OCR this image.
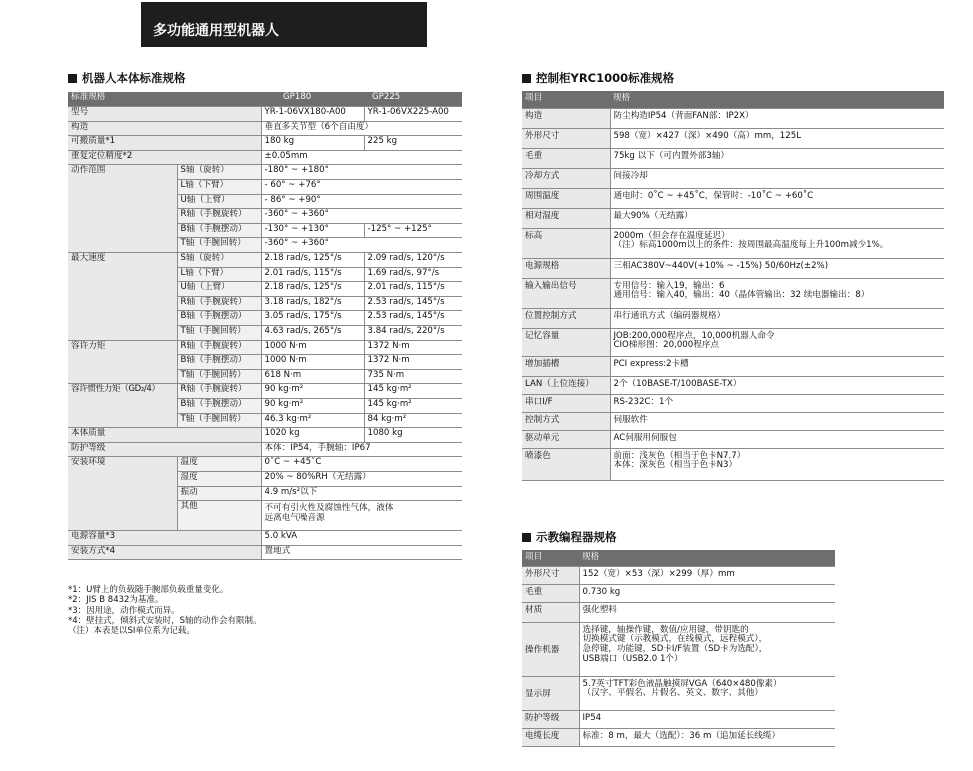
多功能通用型机器人
机器人本体标准规格
标准规格		GP180	GP225
型号		YR-1-06VX180-A00	YR-1-06VX225-A00
构造		垂直多关节型（6个自由度）	
可搬质量*1		180 kg	225 kg
重复定位精度*2		±0.05mm	
动作范围	S轴（旋转）	-180° ~ +180°	
	L轴（下臂）	- 60° ~ +76°	
	U轴（上臂）	- 86° ~ +90°	
	R轴（手腕旋转）	-360° ~ +360°	
	B轴（手腕摆动）	-130° ~ +130°	-125° ~ +125°
	T轴（手腕回转）	-360° ~ +360°	
最大速度	S轴（旋转）	2.18 rad/s, 125°/s	2.09 rad/s, 120°/s
	L轴（下臂）	2.01 rad/s, 115°/s	1.69 rad/s, 97°/s
	U轴（上臂）	2.18 rad/s, 125°/s	2.01 rad/s, 115°/s
	R轴（手腕旋转）	3.18 rad/s, 182°/s	2.53 rad/s, 145°/s
	B轴（手腕摆动）	3.05 rad/s, 175°/s	2.53 rad/s, 145°/s
	T轴（手腕回转）	4.63 rad/s, 265°/s	3.84 rad/s, 220°/s
容许力矩	R轴（手腕旋转）	1000 N·m	1372 N·m
	B轴（手腕摆动）	1000 N·m	1372 N·m
	T轴（手腕回转）	618 N·m	735 N·m
容许惯性力矩（GD₂/4）	R轴（手腕旋转）	90 kg·m²	145 kg·m²
	B轴（手腕摆动）	90 kg·m²	145 kg·m²
	T轴（手腕回转）	46.3 kg·m²	84 kg·m²
本体质量		1020 kg	1080 kg
防护等级		本体：IP54，手腕轴：IP67	
安装环境	温度	0˚C ~ +45˚C	
	湿度	20% ~ 80%RH（无结露）	
	振动	4.9 m/s²以下	
	其他	不可有引火性及腐蚀性气体，液体
远离电气噪音源	

电源容量*3		5.0 kVA	
安装方式*4		置地式	
*1：U臂上的负载随手腕部负载重量变化。
*2：JIS B 8432为基准。
*3：因用途，动作模式而异。
*4：壁挂式，倾斜式安装时，S轴的动作会有限制。
（注）本表是以SI单位系为记载。
控制柜YRC1000标准规格
项目	规格
构造	防尘构造IP54（背面FAN部：IP2X）
外形尺寸	598（宽）×427（深）×490（高）mm，125L
毛重	75kg 以下（可内置外部3轴）
冷却方式	间接冷却
周围温度	通电时：0˚C ~ +45˚C，保管时：-10˚C ~ +60˚C
相对湿度	最大90%（无结露）
标高	2000m（但会存在温度延迟）
（注）标高1000m以上的条件：按周围最高温度每上升100m减少1%。

电源规格	三相AC380V~440V(+10% ~ -15%) 50/60Hz(±2%)
输入输出信号	专用信号：输入19，输出：6
通用信号：输入40，输出：40（晶体管输出：32 续电器输出：8）

位置控制方式	串行通讯方式（编码器规格）
记忆容量	JOB:200,000程序点，10,000机器人命令
CIO梯形图：20,000程序点

增加插槽	PCI express:2卡槽
LAN（上位连接）	2个（10BASE-T/100BASE-TX）
串口I/F	RS-232C：1个
控制方式	伺服软件
驱动单元	AC伺服用伺服包
喷漆色	前面：浅灰色（相当于色卡N7.7）
本体：深灰色（相当于色卡N3）
示教编程器规格
项目	规格
外形尺寸	152（宽）×53（深）×299（厚）mm
毛重	0.730 kg
材质	强化塑料
操作机器	选择键，轴操作键，数值/应用键，带钥匙的
切换模式键（示教模式，在线模式，远程模式），
急停键，功能键，SD卡I/F装置（SD卡为选配），
USB端口（USB2.0 1个）

显示屏	5.7英寸TFT彩色液晶触摸屏VGA（640×480像素）
（汉字、平假名、片假名、英文、数字、其他）

防护等级	IP54
电缆长度	标准：8 m，最大（选配）：36 m（追加延长线缆）
